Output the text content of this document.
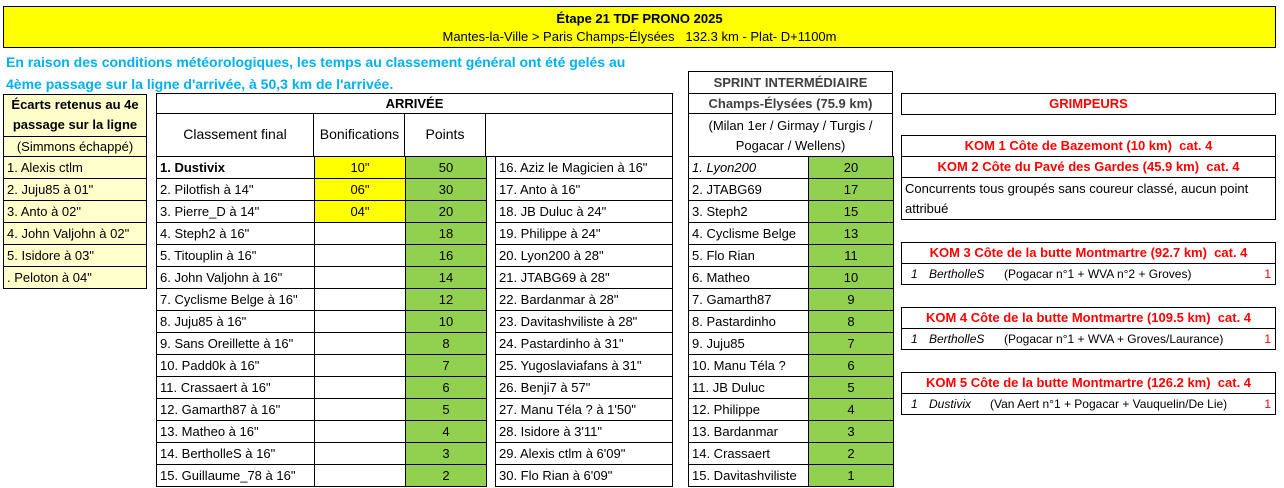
Étape 21 TDF PRONO 2025
Mantes-la-Ville > Paris Champs-Élysées   132.3 km - Plat- D+1100m
En raison des conditions météorologiques, les temps au classement général ont été gelés au
4ème passage sur la ligne d'arrivée, à 50,3 km de l'arrivée.
Écarts retenus au 4e
passage sur la ligne
(Simmons échappé)
1. Alexis ctlm
2. Juju85 à 01"
3. Anto à 02"
4. John Valjohn à 02"
5. Isidore à 03"
. Peloton à 04"
ARRIVÉE
Classement final	Bonifications	Points
1. Dustivix	10"	50
2. Pilotfish à 14"	06"	30
3. Pierre_D à 14"	04"	20
4. Steph2 à 16"		18
5. Titouplin à 16"		16
6. John Valjohn à 16"		14
7. Cyclisme Belge à 16"		12
8. Juju85 à 16"		10
9. Sans Oreillette à 16"		8
10. Padd0k à 16"		7
11. Crassaert à 16"		6
12. Gamarth87 à 16"		5
13. Matheo à 16"		4
14. BertholleS à 16"		3
15. Guillaume_78 à 16"		2
16. Aziz le Magicien à 16"
17. Anto à 16"
18. JB Duluc à 24"
19. Philippe à 24"
20. Lyon200 à 28"
21. JTABG69 à 28"
22. Bardanmar à 28"
23. Davitashviliste à 28"
24. Pastardinho à 31"
25. Yugoslaviafans à 31"
26. Benji7 à 57"
27. Manu Téla ? à 1'50"
28. Isidore à 3'11"
29. Alexis ctlm à 6'09"
30. Flo Rian à 6'09"
SPRINT INTERMÉDIAIRE
Champs-Élysées (75.9 km)
(Milan 1er / Girmay / Turgis /
Pogacar / Wellens)
1. Lyon200	20
2. JTABG69	17
3. Steph2	15
4. Cyclisme Belge	13
5. Flo Rian	11
6. Matheo	10
7. Gamarth87	9
8. Pastardinho	8
9. Juju85	7
10. Manu Téla ?	6
11. JB Duluc	5
12. Philippe	4
13. Bardanmar	3
14. Crassaert	2
15. Davitashviliste	1
GRIMPEURS
KOM 1 Côte de Bazemont (10 km)  cat. 4
KOM 2 Côte du Pavé des Gardes (45.9 km)  cat. 4
Concurrents tous groupés sans coureur classé, aucun point attribué
KOM 3 Côte de la butte Montmartre (92.7 km)  cat. 4
1 BertholleS (Pogacar n°1 + WVA n°2 + Groves)	1
KOM 4 Côte de la butte Montmartre (109.5 km)  cat. 4
1 BertholleS (Pogacar n°1 + WVA + Groves/Laurance)	1
KOM 5 Côte de la butte Montmartre (126.2 km)  cat. 4
1 Dustivix (Van Aert n°1 + Pogacar + Vauquelin/De Lie)	1
